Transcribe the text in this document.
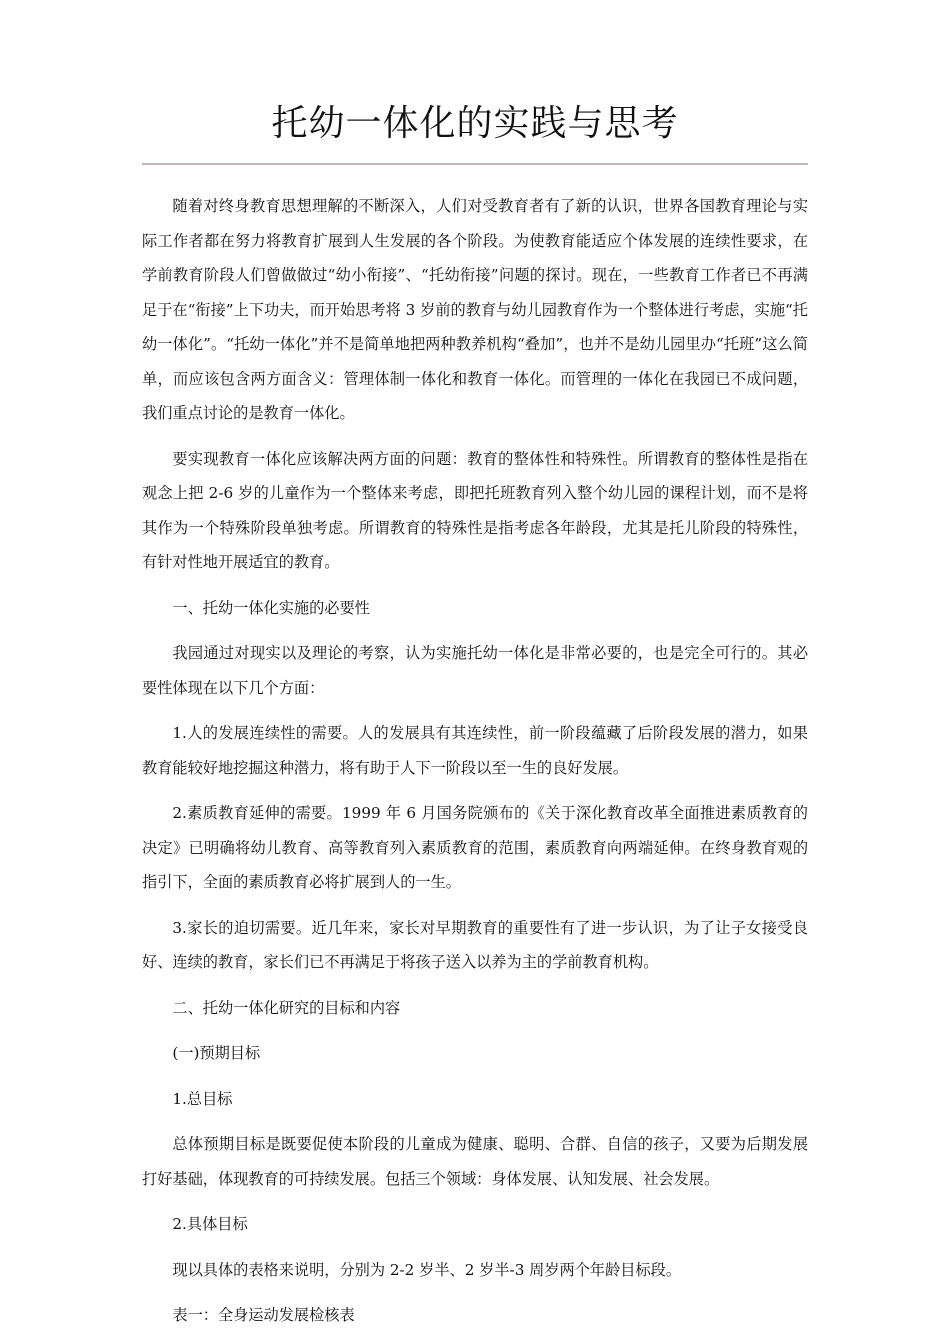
托幼一体化的实践与思考

随着对终身教育思想理解的不断深入，人们对受教育者有了新的认识，世界各国教育理论与实际工作者都在努力将教育扩展到人生发展的各个阶段。为使教育能适应个体发展的连续性要求，在学前教育阶段人们曾做做过“幼小衔接”、“托幼衔接”问题的探讨。现在，一些教育工作者已不再满足于在“衔接”上下功夫，而开始思考将 3 岁前的教育与幼儿园教育作为一个整体进行考虑，实施“托幼一体化”。“托幼一体化”并不是简单地把两种教养机构“叠加”，也并不是幼儿园里办“托班”这么简单，而应该包含两方面含义：管理体制一体化和教育一体化。而管理的一体化在我园已不成问题，我们重点讨论的是教育一体化。

要实现教育一体化应该解决两方面的问题：教育的整体性和特殊性。所谓教育的整体性是指在观念上把 2-6 岁的儿童作为一个整体来考虑，即把托班教育列入整个幼儿园的课程计划，而不是将其作为一个特殊阶段单独考虑。所谓教育的特殊性是指考虑各年龄段，尤其是托儿阶段的特殊性，有针对性地开展适宜的教育。

一、托幼一体化实施的必要性

我园通过对现实以及理论的考察，认为实施托幼一体化是非常必要的，也是完全可行的。其必要性体现在以下几个方面：

1.人的发展连续性的需要。人的发展具有其连续性，前一阶段蕴藏了后阶段发展的潜力，如果教育能较好地挖掘这种潜力，将有助于人下一阶段以至一生的良好发展。

2.素质教育延伸的需要。1999 年 6 月国务院颁布的《关于深化教育改革全面推进素质教育的决定》已明确将幼儿教育、高等教育列入素质教育的范围，素质教育向两端延伸。在终身教育观的指引下，全面的素质教育必将扩展到人的一生。

3.家长的迫切需要。近几年来，家长对早期教育的重要性有了进一步认识，为了让子女接受良好、连续的教育，家长们已不再满足于将孩子送入以养为主的学前教育机构。

二、托幼一体化研究的目标和内容

(一)预期目标

1.总目标

总体预期目标是既要促使本阶段的儿童成为健康、聪明、合群、自信的孩子，又要为后期发展打好基础，体现教育的可持续发展。包括三个领域：身体发展、认知发展、社会发展。

2.具体目标

现以具体的表格来说明，分别为 2-2 岁半、2 岁半-3 周岁两个年龄目标段。

表一：全身运动发展检核表
